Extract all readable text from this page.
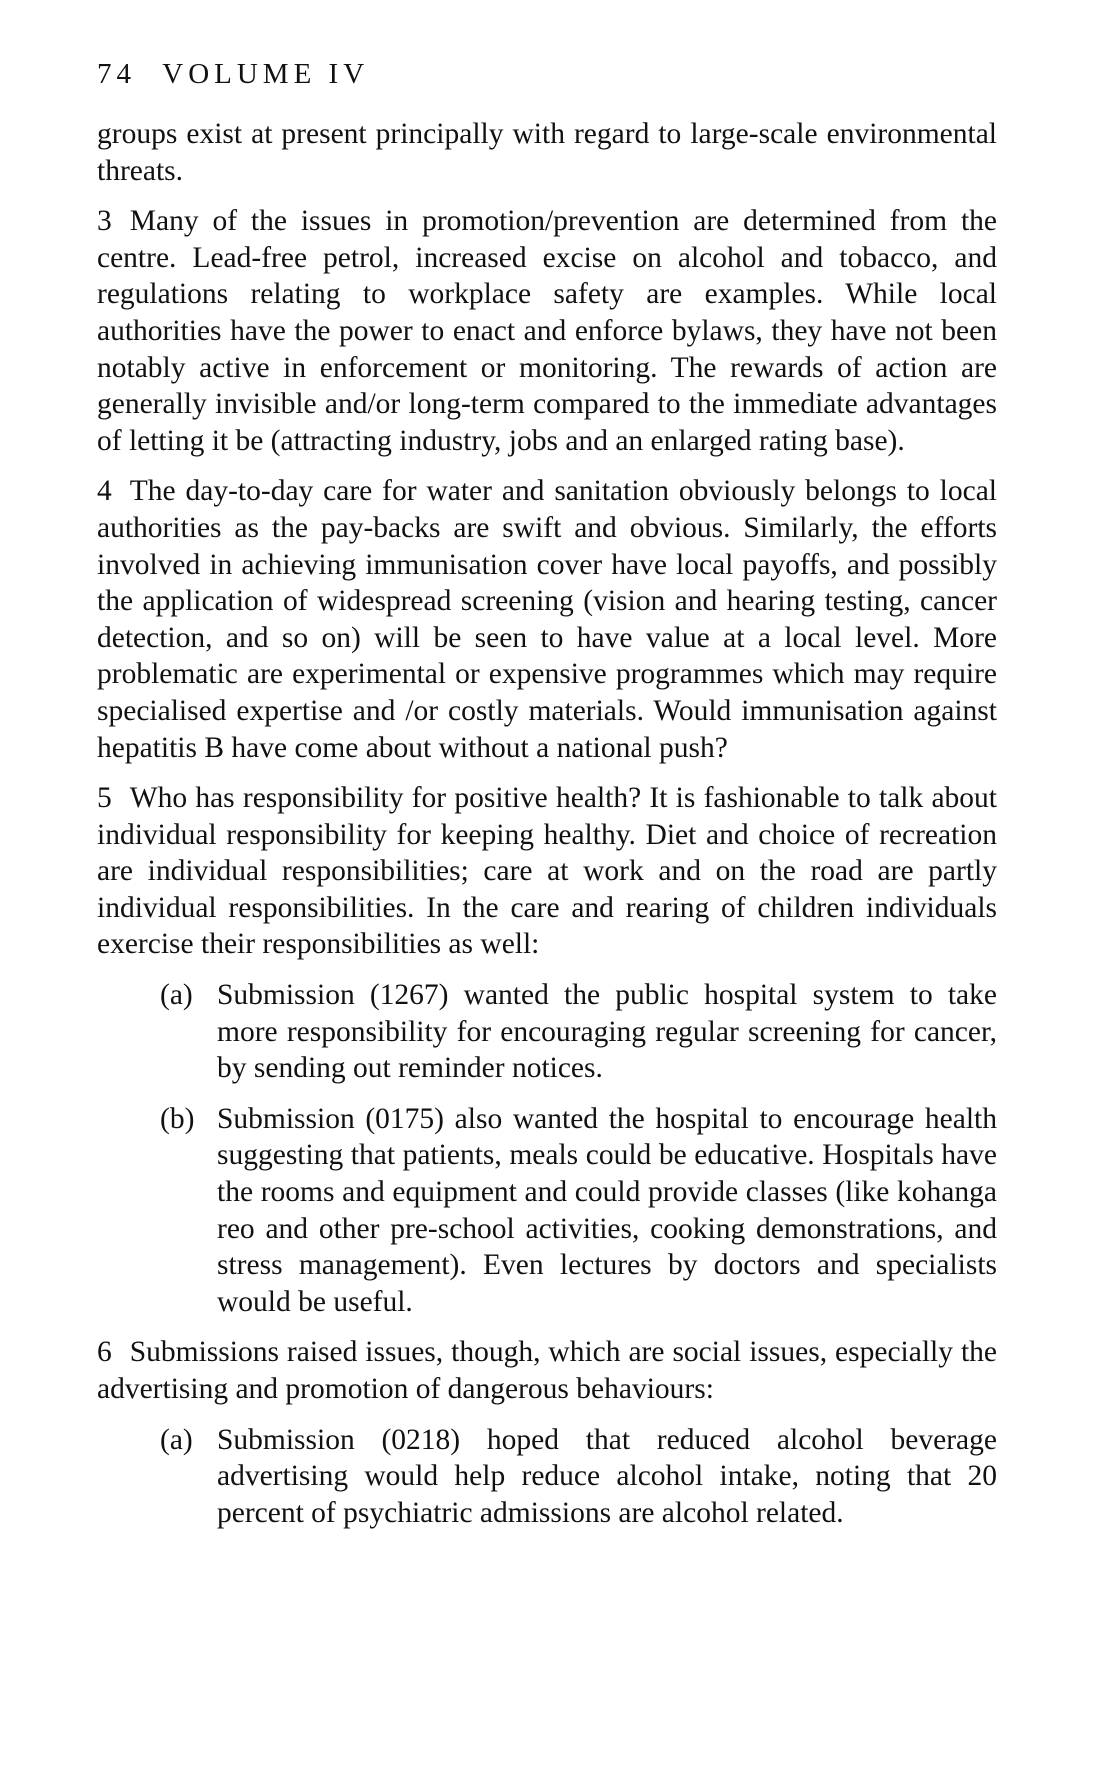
74 VOLUME IV

groups exist at present principally with regard to large-scale environmental threats.

3 Many of the issues in promotion/prevention are determined from the centre. Lead-free petrol, increased excise on alcohol and tobacco, and regulations relating to workplace safety are examples. While local authorities have the power to enact and enforce bylaws, they have not been notably active in enforcement or monitoring. The rewards of action are generally invisible and/or long-term compared to the immediate advantages of letting it be (attracting industry, jobs and an enlarged rating base).

4 The day-to-day care for water and sanitation obviously belongs to local authorities as the pay-backs are swift and obvious. Similarly, the efforts involved in achieving immunisation cover have local payoffs, and possibly the application of widespread screening (vision and hearing testing, cancer detection, and so on) will be seen to have value at a local level. More problematic are experimental or expensive programmes which may require specialised expertise and /or costly materials. Would immunisation against hepatitis B have come about without a national push?

5 Who has responsibility for positive health? It is fashionable to talk about individual responsibility for keeping healthy. Diet and choice of recreation are individual responsibilities; care at work and on the road are partly individual responsibilities. In the care and rearing of children individuals exercise their responsibilities as well:

(a) Submission (1267) wanted the public hospital system to take more responsibility for encouraging regular screening for cancer, by sending out reminder notices.
(b) Submission (0175) also wanted the hospital to encourage health suggesting that patients, meals could be educative. Hospitals have the rooms and equipment and could provide classes (like kohanga reo and other pre-school activities, cooking demonstrations, and stress management). Even lectures by doctors and specialists would be useful.

6 Submissions raised issues, though, which are social issues, especially the advertising and promotion of dangerous behaviours:

(a) Submission (0218) hoped that reduced alcohol beverage advertising would help reduce alcohol intake, noting that 20 percent of psychiatric admissions are alcohol related.
